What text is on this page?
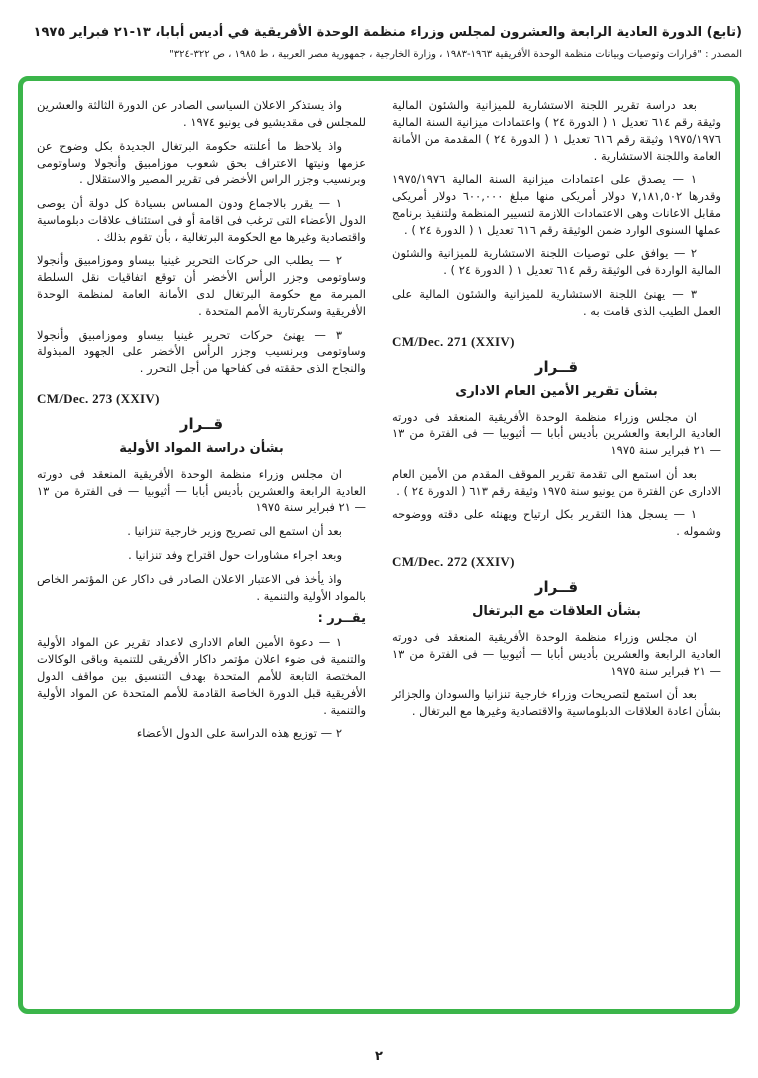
(تابع) الدورة العادية الرابعة والعشرون لمجلس وزراء منظمة الوحدة الأفريقية في أديس أبابا، ١٣-٢١ فبراير ١٩٧٥
المصدر : "قرارات وتوصيات وبيانات منظمة الوحدة الأفريقية ١٩٦٣-١٩٨٣ ، وزارة الخارجية ، جمهورية مصر العربية ، ط ١٩٨٥ ، ص ٣٢٢-٣٢٤"

بعد دراسة تقرير اللجنة الاستشارية للميزانية والشئون المالية وثيقة رقم ٦١٤ تعديل ١ ( الدورة ٢٤ ) واعتمادات ميزانية السنة المالية ١٩٧٥/١٩٧٦ وثيقة رقم ٦١٦ تعديل ١ ( الدورة ٢٤ ) المقدمة من الأمانة العامة واللجنة الاستشارية .

١ — يصدق على اعتمادات ميزانية السنة المالية ١٩٧٥/١٩٧٦ وقدرها ٧,١٨١,٥٠٢ دولار أمريكى منها مبلغ ٦٠٠,٠٠٠ دولار أمريكى مقابل الاعانات وهى الاعتمادات اللازمة لتسيير المنظمة ولتنفيذ برنامج عملها السنوى الوارد ضمن الوثيقة رقم ٦١٦ تعديل ١ ( الدورة ٢٤ ) .

٢ — يوافق على توصيات اللجنة الاستشارية للميزانية والشئون المالية الواردة فى الوثيقة رقم ٦١٤ تعديل ١ ( الدورة ٢٤ ) .

٣ — يهنئ اللجنة الاستشارية للميزانية والشئون المالية على العمل الطيب الذى قامت به .

CM/Dec. 271 (XXIV)

قــرار

بشأن تقرير الأمين العام الادارى

ان مجلس وزراء منظمة الوحدة الأفريقية المنعقد فى دورته العادية الرابعة والعشرين بأديس أبابا — أثيوبيا — فى الفترة من ١٣ — ٢١ فبراير سنة ١٩٧٥

بعد أن استمع الى تقدمة تقرير الموقف المقدم من الأمين العام الادارى عن الفترة من يونيو سنة ١٩٧٥ وثيقة رقم ٦١٣ ( الدورة ٢٤ ) .

١ — يسجل هذا التقرير بكل ارتياح ويهنئه على دقته ووضوحه وشموله .

CM/Dec. 272 (XXIV)

قــرار

بشأن العلاقات مع البرتغال

ان مجلس وزراء منظمة الوحدة الأفريقية المنعقد فى دورته العادية الرابعة والعشرين بأديس أبابا — أثيوبيا — فى الفترة من ١٣ — ٢١ فبراير سنة ١٩٧٥

بعد أن استمع لتصريحات وزراء خارجية تنزانيا والسودان والجزائر بشأن اعادة العلاقات الدبلوماسية والاقتصادية وغيرها مع البرتغال .

واذ يستذكر الاعلان السياسى الصادر عن الدورة الثالثة والعشرين للمجلس فى مقديشيو فى يونيو ١٩٧٤ .

واذ يلاحظ ما أعلنته حكومة البرتغال الجديدة بكل وضوح عن عزمها ونيتها الاعتراف بحق شعوب موزامبيق وأنجولا وساوتومى وبرنسيب وجزر الراس الأخضر فى تقرير المصير والاستقلال .

١ — يقرر بالاجماع ودون المساس بسيادة كل دولة أن يوصى الدول الأعضاء التى ترغب فى اقامة أو فى استئناف علاقات دبلوماسية واقتصادية وغيرها مع الحكومة البرتغالية ، بأن تقوم بذلك .

٢ — يطلب الى حركات التحرير غينيا بيساو وموزامبيق وأنجولا وساوتومى وجزر الرأس الأخضر أن توقع اتفاقيات نقل السلطة المبرمة مع حكومة البرتغال لدى الأمانة العامة لمنظمة الوحدة الأفريقية وسكرتارية الأمم المتحدة .

٣ — يهنئ حركات تحرير غينيا بيساو وموزامبيق وأنجولا وساوتومى وبرنسيب وجزر الرأس الأخضر على الجهود المبذولة والنجاح الذى حققته فى كفاحها من أجل التحرر .

CM/Dec. 273 (XXIV)

قــرار

بشأن دراسة المواد الأولية

ان مجلس وزراء منظمة الوحدة الأفريقية المنعقد فى دورته العادية الرابعة والعشرين بأديس أبابا — أثيوبيا — فى الفترة من ١٣ — ٢١ فبراير سنة ١٩٧٥

بعد أن استمع الى تصريح وزير خارجية تنزانيا .

وبعد اجراء مشاورات حول اقتراح وفد تنزانيا .

واذ يأخذ فى الاعتبار الاعلان الصادر فى داكار عن المؤتمر الخاص بالمواد الأولية والتنمية .

يقــرر :

١ — دعوة الأمين العام الادارى لاعداد تقرير عن المواد الأولية والتنمية فى ضوء اعلان مؤتمر داكار الأفريقى للتنمية وباقى الوكالات المختصة التابعة للأمم المتحدة بهدف التنسيق بين مواقف الدول الأفريقية قبل الدورة الخاصة القادمة للأمم المتحدة عن المواد الأولية والتنمية .

٢ — توزيع هذه الدراسة على الدول الأعضاء

٢
